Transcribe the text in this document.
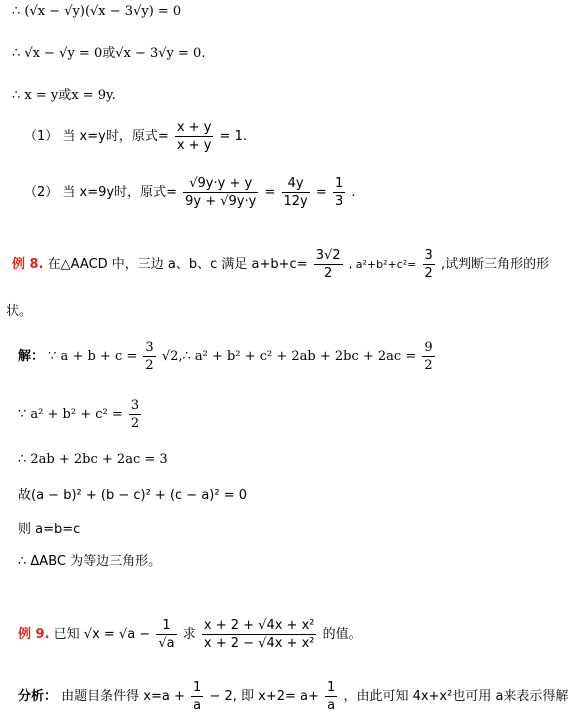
∴ (√x − √y)(√x − 3√y) = 0
∴ √x − √y = 0或√x − 3√y = 0.
∴ x = y或x = 9y.
（1） 当 x=y时，原式= $\frac{x + y}{x + y} = 1$.
（2） 当 x=9y时，原式= $\frac{√9y\cdot y + y}{9y + √9y\cdot y} = \frac{4y}{12y} = \frac{1}{3}$ .
例 8. 在△AACD 中，三边 a、b、c 满足 $a+b+c= \frac{3√2}{2}$ , $a^2+b^2+c^2= \frac{3}{2}$ ,试判断三角形的形
状。
解： ∵ $a + b + c = \frac{3}{2}$ √2,∴ $a^2 + b^2 + c^2 + 2ab + 2bc + 2ac = \frac{9}{2}$
∵ $a^2 + b^2 + c^2 = \frac{3}{2}$
∴ 2ab + 2bc + 2ac = 3
故(a − b)² + (b − c)² + (c − a)² = 0
则 a=b=c
∴ ΔABC 为等边三角形。
例 9. 已知 $√x = √a - \frac{1}{√a}$ 求 $\frac{\text{x + 2 + √4x + x²}}{\text{x + 2 − √4x + x²}}$ 的值。
分析： 由题目条件得 $x=a + \frac{1}{a} - 2$, 即 $x+2= a+ \frac{1}{a}$ ，由此可知 4x+x²也可用 a来表示得解
